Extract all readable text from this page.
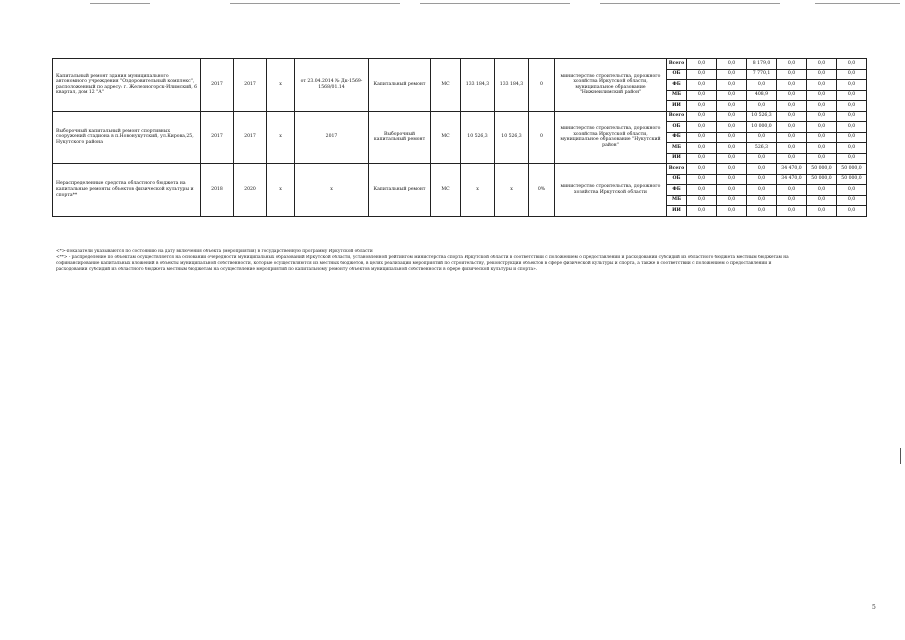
Капитальный ремонт здания муниципального автономного учреждения "Оздоровительный комплекс", расположенный по адресу: г. Железногорск-Илимский, 6 квартал, дом 12 "А"	2017	2017	x	от 23.04.2014 № Дк-1569-1568/01.14	Капитальный ремонт	МС	133 184,3	133 184,3	0	министерство строительства, дорожного хозяйства Иркутской области, муниципальное образование "Нижнеилимский район"	Всего	0,0	0,0	8 179,0	0,0	0,0	0,0
											ОБ	0,0	0,0	7 770,1	0,0	0,0	0,0
											ФБ	0,0	0,0	0,0	0,0	0,0	0,0
											МБ	0,0	0,0	408,9	0,0	0,0	0,0
											ИИ	0,0	0,0	0,0	0,0	0,0	0,0
Выборочный капитальный ремонт спортивных сооружений стадиона в п.Новонукутский, ул.Кирова,25, Нукутского района	2017	2017	x	2017	Выборочный капитальный ремонт	МС	10 526,3	10 526,3	0	министерство строительства, дорожного хозяйства Иркутской области, муниципальное образование "Нукутский район"	Всего	0,0	0,0	10 526,3	0,0	0,0	0,0
											ОБ	0,0	0,0	10 000,0	0,0	0,0	0,0
											ФБ	0,0	0,0	0,0	0,0	0,0	0,0
											МБ	0,0	0,0	526,3	0,0	0,0	0,0
											ИИ	0,0	0,0	0,0	0,0	0,0	0,0
Нераспределенные средства областного бюджета на капитальные ремонты объектов физической культуры и спорта**	2018	2020	x	x	Капитальный ремонт	МС	x	x	0%	министерство строительства, дорожного хозяйства Иркутской области	Всего	0,0	0,0	0,0	34 470,0	50 000,0	50 000,0
											ОБ	0,0	0,0	0,0	34 470,0	50 000,0	50 000,0
											ФБ	0,0	0,0	0,0	0,0	0,0	0,0
											МБ	0,0	0,0	0,0	0,0	0,0	0,0
											ИИ	0,0	0,0	0,0	0,0	0,0	0,0
<*>-показатели указываются по состоянию на дату включения объекта (мероприятия) в государственную программу Иркутской области
<**> - распределение по объектам осуществляется на основании очередности муниципальных образований Иркутской области, установленной рейтингом министерства спорта Иркутской области в соответствии с положением о предоставлении и расходовании субсидий из областного бюджета местным бюджетам на
софинансирование капитальных вложений в объекты муниципальной собственности, которые осуществляются из местных бюджетов, в целях реализации мероприятий по строительству, реконструкции объектов в сфере физической культуры и спорта, а также в соответствии с положением о предоставлении и
расходовании субсидий из областного бюджета местным бюджетам на осуществление мероприятий по капитальному ремонту объектов муниципальной собственности в сфере физической культуры и спорта».
5
